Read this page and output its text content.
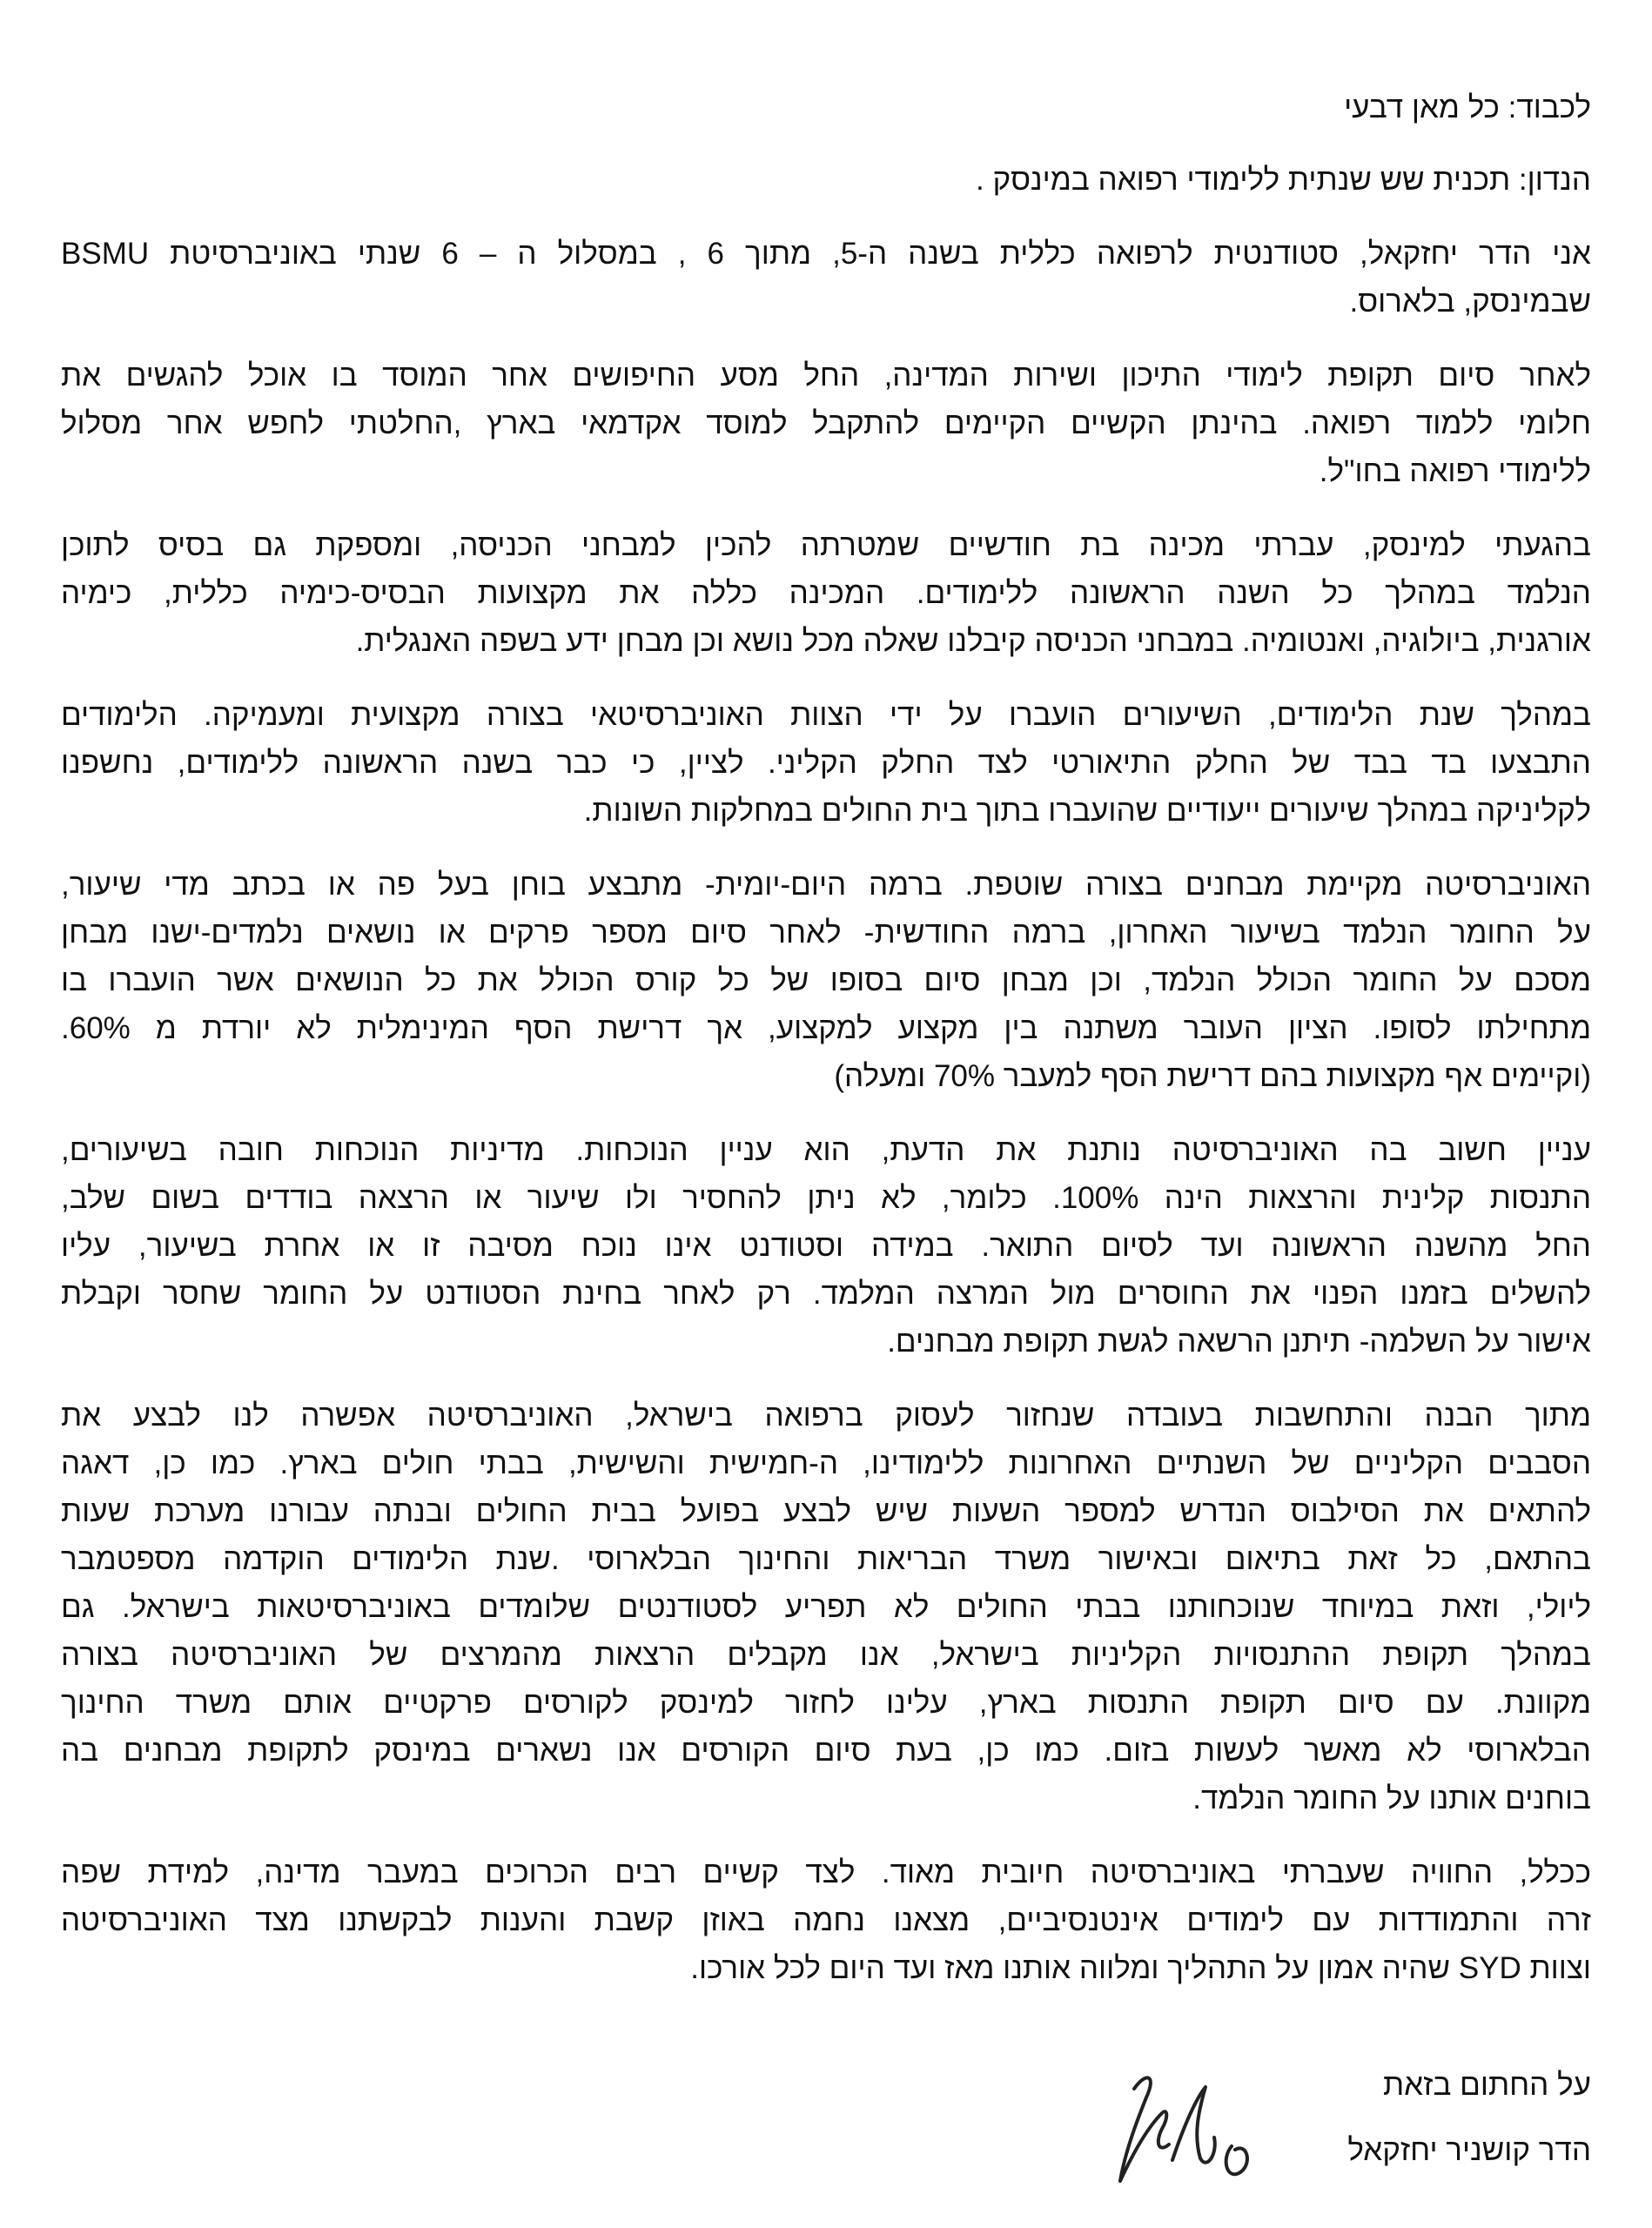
לכבוד: כל מאן דבעי
הנדון: תכנית שש שנתית ללימודי רפואה במינסק .
אני הדר יחזקאל, סטודנטית לרפואה כללית בשנה ה-5, מתוך 6 , במסלול ה – 6 שנתי באוניברסיטת BSMU
שבמינסק, בלארוס.
לאחר סיום תקופת לימודי התיכון ושירות המדינה, החל מסע החיפושים אחר המוסד בו אוכל להגשים את
חלומי ללמוד רפואה. בהינתן הקשיים הקיימים להתקבל למוסד אקדמאי בארץ ,החלטתי לחפש אחר מסלול
ללימודי רפואה בחו"ל.
בהגעתי למינסק, עברתי מכינה בת חודשיים שמטרתה להכין למבחני הכניסה, ומספקת גם בסיס לתוכן
הנלמד במהלך כל השנה הראשונה ללימודים. המכינה כללה את מקצועות הבסיס-כימיה כללית, כימיה
אורגנית, ביולוגיה, ואנטומיה. במבחני הכניסה קיבלנו שאלה מכל נושא וכן מבחן ידע בשפה האנגלית.
במהלך שנת הלימודים, השיעורים הועברו על ידי הצוות האוניברסיטאי בצורה מקצועית ומעמיקה. הלימודים
התבצעו בד בבד של החלק התיאורטי לצד החלק הקליני. לציין, כי כבר בשנה הראשונה ללימודים, נחשפנו
לקליניקה במהלך שיעורים ייעודיים שהועברו בתוך בית החולים במחלקות השונות.
האוניברסיטה מקיימת מבחנים בצורה שוטפת. ברמה היום-יומית- מתבצע בוחן בעל פה או בכתב מדי שיעור,
על החומר הנלמד בשיעור האחרון, ברמה החודשית- לאחר סיום מספר פרקים או נושאים נלמדים-ישנו מבחן
מסכם על החומר הכולל הנלמד, וכן מבחן סיום בסופו של כל קורס הכולל את כל הנושאים אשר הועברו בו
מתחילתו לסופו. הציון העובר משתנה בין מקצוע למקצוע, אך דרישת הסף המינימלית לא יורדת מ 60%.
(וקיימים אף מקצועות בהם דרישת הסף למעבר 70% ומעלה)
עניין חשוב בה האוניברסיטה נותנת את הדעת, הוא עניין הנוכחות. מדיניות הנוכחות חובה בשיעורים,
התנסות קלינית והרצאות הינה 100%. כלומר, לא ניתן להחסיר ולו שיעור או הרצאה בודדים בשום שלב,
החל מהשנה הראשונה ועד לסיום התואר. במידה וסטודנט אינו נוכח מסיבה זו או אחרת בשיעור, עליו
להשלים בזמנו הפנוי את החוסרים מול המרצה המלמד. רק לאחר בחינת הסטודנט על החומר שחסר וקבלת
אישור על השלמה- תיתנן הרשאה לגשת תקופת מבחנים.
מתוך הבנה והתחשבות בעובדה שנחזור לעסוק ברפואה בישראל, האוניברסיטה אפשרה לנו לבצע את
הסבבים הקליניים של השנתיים האחרונות ללימודינו, ה-חמישית והשישית, בבתי חולים בארץ. כמו כן, דאגה
להתאים את הסילבוס הנדרש למספר השעות שיש לבצע בפועל בבית החולים ובנתה עבורנו מערכת שעות
בהתאם, כל זאת בתיאום ובאישור משרד הבריאות והחינוך הבלארוסי .שנת הלימודים הוקדמה מספטמבר
ליולי, וזאת במיוחד שנוכחותנו בבתי החולים לא תפריע לסטודנטים שלומדים באוניברסיטאות בישראל. גם
במהלך תקופת ההתנסויות הקליניות בישראל, אנו מקבלים הרצאות מהמרצים של האוניברסיטה בצורה
מקוונת. עם סיום תקופת התנסות בארץ, עלינו לחזור למינסק לקורסים פרקטיים אותם משרד החינוך
הבלארוסי לא מאשר לעשות בזום. כמו כן, בעת סיום הקורסים אנו נשארים במינסק לתקופת מבחנים בה
בוחנים אותנו על החומר הנלמד.
ככלל, החוויה שעברתי באוניברסיטה חיובית מאוד. לצד קשיים רבים הכרוכים במעבר מדינה, למידת שפה
זרה והתמודדות עם לימודים אינטנסיביים, מצאנו נחמה באוזן קשבת והענות לבקשתנו מצד האוניברסיטה
וצוות SYD שהיה אמון על התהליך ומלווה אותנו מאז ועד היום לכל אורכו.
על החתום בזאת
הדר קושניר יחזקאל
